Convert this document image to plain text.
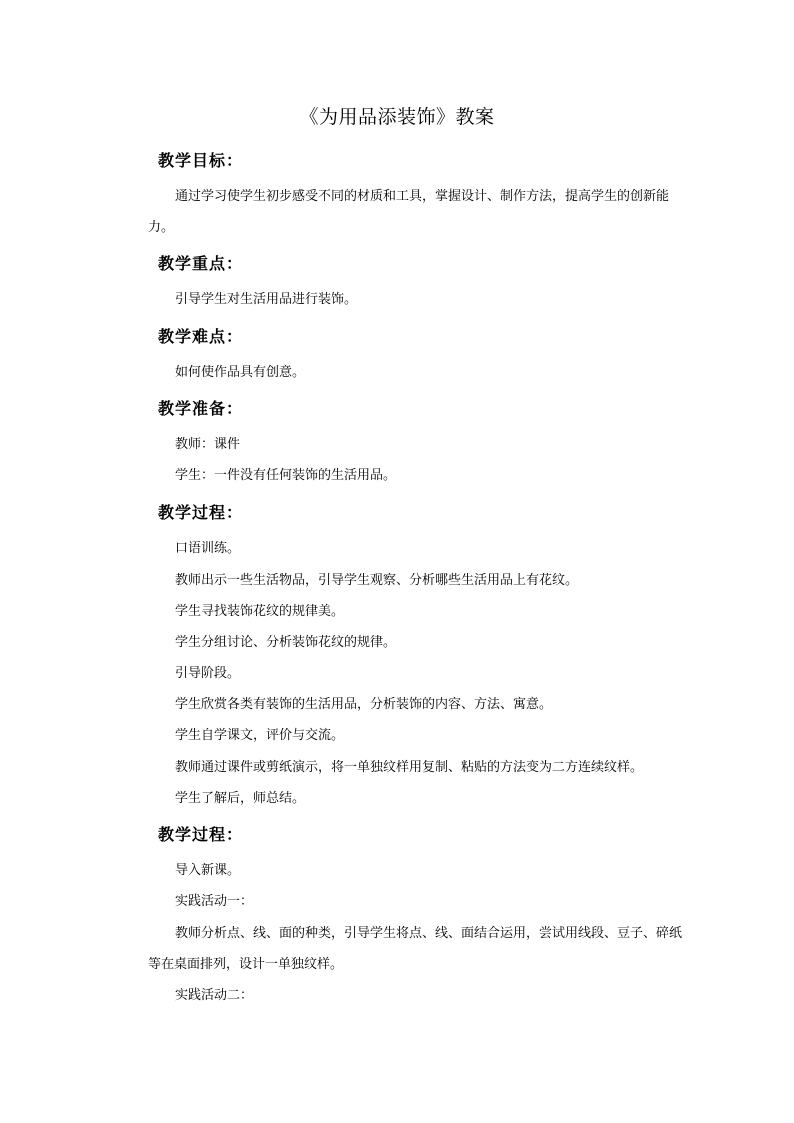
《为用品添装饰》教案
教学目标：
通过学习使学生初步感受不同的材质和工具，掌握设计、制作方法，提高学生的创新能力。
教学重点：
引导学生对生活用品进行装饰。
教学难点：
如何使作品具有创意。
教学准备：
教师：课件
学生：一件没有任何装饰的生活用品。
教学过程：
口语训练。
教师出示一些生活物品，引导学生观察、分析哪些生活用品上有花纹。
学生寻找装饰花纹的规律美。
学生分组讨论、分析装饰花纹的规律。
引导阶段。
学生欣赏各类有装饰的生活用品，分析装饰的内容、方法、寓意。
学生自学课文，评价与交流。
教师通过课件或剪纸演示，将一单独纹样用复制、粘贴的方法变为二方连续纹样。
学生了解后，师总结。
教学过程：
导入新课。
实践活动一：
教师分析点、线、面的种类，引导学生将点、线、面结合运用，尝试用线段、豆子、碎纸等在桌面排列，设计一单独纹样。
实践活动二：
